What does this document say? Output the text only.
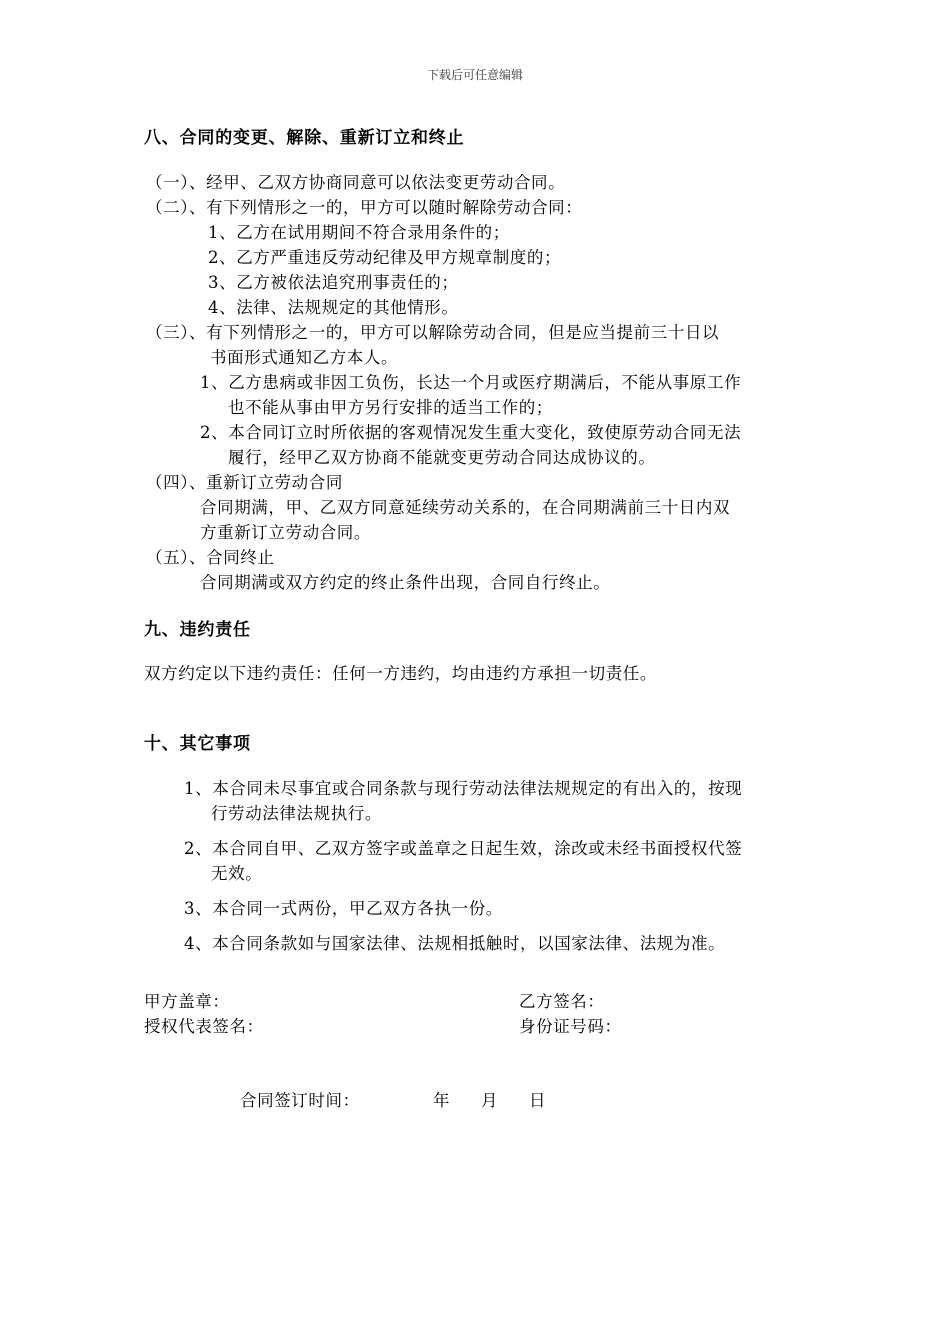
下载后可任意编辑
八、合同的变更、解除、重新订立和终止
（一）、经甲、乙双方协商同意可以依法变更劳动合同。
（二）、有下列情形之一的，甲方可以随时解除劳动合同：
1、乙方在试用期间不符合录用条件的；
2、乙方严重违反劳动纪律及甲方规章制度的；
3、乙方被依法追究刑事责任的；
4、法律、法规规定的其他情形。
（三）、有下列情形之一的，甲方可以解除劳动合同，但是应当提前三十日以
书面形式通知乙方本人。
1、乙方患病或非因工负伤，长达一个月或医疗期满后，不能从事原工作
也不能从事由甲方另行安排的适当工作的；
2、本合同订立时所依据的客观情况发生重大变化，致使原劳动合同无法
履行，经甲乙双方协商不能就变更劳动合同达成协议的。
（四）、重新订立劳动合同
合同期满，甲、乙双方同意延续劳动关系的，在合同期满前三十日内双
方重新订立劳动合同。
（五）、合同终止
合同期满或双方约定的终止条件出现，合同自行终止。
九、违约责任
双方约定以下违约责任：任何一方违约，均由违约方承担一切责任。
十、其它事项
1、本合同未尽事宜或合同条款与现行劳动法律法规规定的有出入的，按现
行劳动法律法规执行。
2、本合同自甲、乙双方签字或盖章之日起生效，涂改或未经书面授权代签
无效。
3、本合同一式两份，甲乙双方各执一份。
4、本合同条款如与国家法律、法规相抵触时，以国家法律、法规为准。
甲方盖章：
授权代表签名：
乙方签名：
身份证号码：
合同签订时间：	年 月 日
